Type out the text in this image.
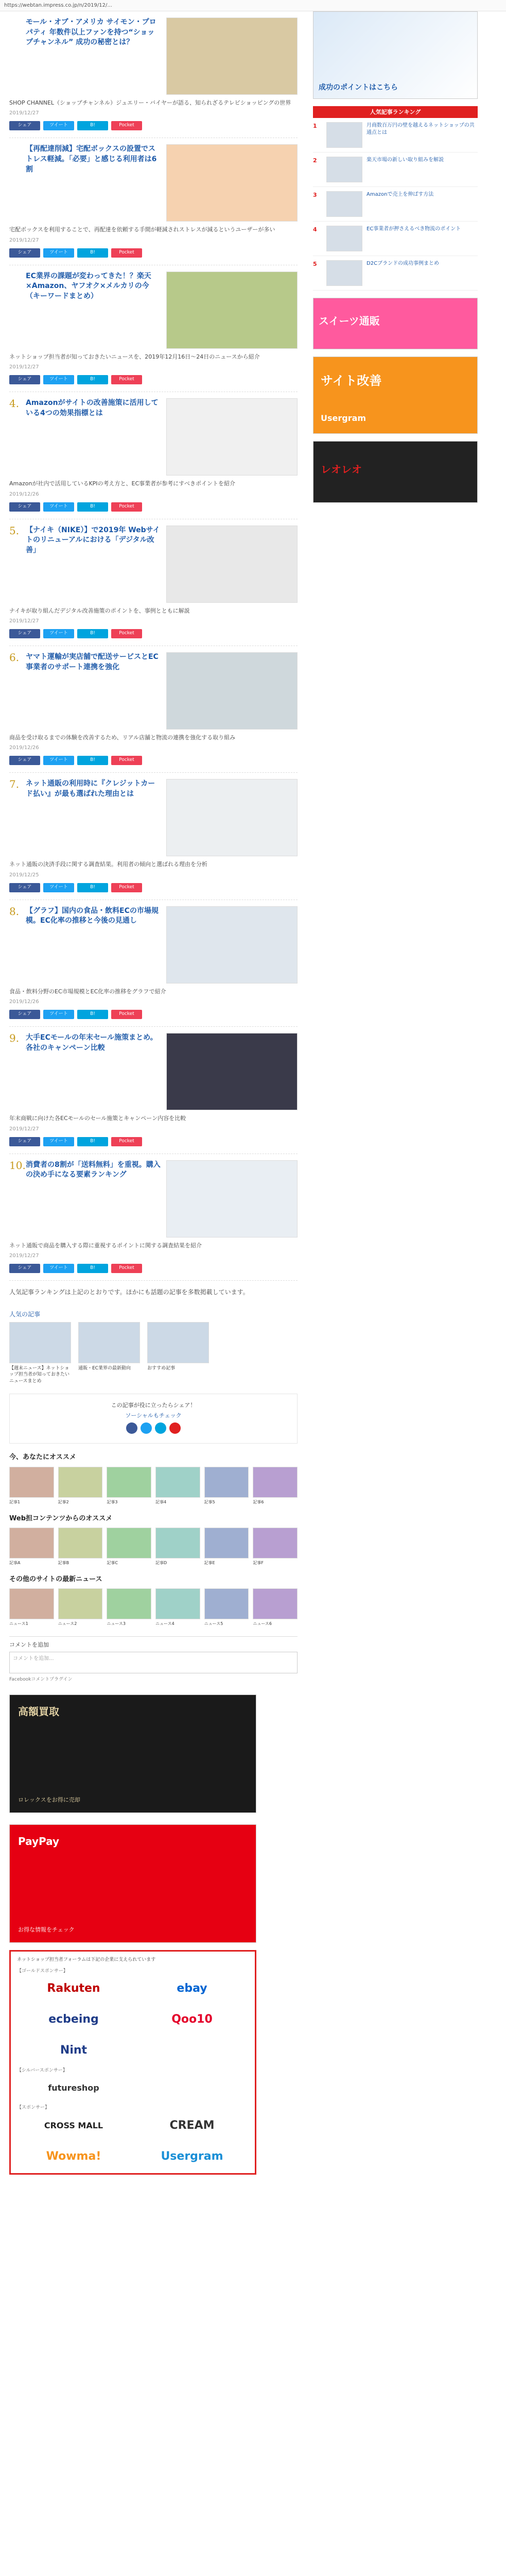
https://webtan.impress.co.jp/n/2019/12/...
モール・オブ・アメリカ サイモン・プロパティ 年数件以上ファンを持つ“ショップチャンネル” 成功の秘密とは？
SHOP CHANNEL（ショップチャンネル）ジュエリー・バイヤーが語る、知られざるテレビショッピングの世界
2019/12/27
シェア	ツイート	B!	Pocket
【再配達削減】宅配ボックスの設置でストレス軽減。「必要」と感じる利用者は6割
宅配ボックスを利用することで、再配達を依頼する手間が軽減されストレスが減るというユーザーが多い
2019/12/27
シェア	ツイート	B!	Pocket
EC業界の課題が変わってきた！？楽天×Amazon、ヤフオク×メルカリの今（キーワードまとめ）
ネットショップ担当者が知っておきたいニュースを、2019年12月16日〜24日のニュースから紹介
2019/12/27
シェア	ツイート	B!	Pocket
4. Amazonがサイトの改善施策に活用している4つの効果指標とは
Amazonが社内で活用しているKPIの考え方と、EC事業者が参考にすべきポイントを紹介
2019/12/26
シェア	ツイート	B!	Pocket
5. 【ナイキ（NIKE）】で2019年 Webサイトのリニューアルにおける「デジタル改善」
ナイキが取り組んだデジタル改善施策のポイントを、事例とともに解説
2019/12/27
シェア	ツイート	B!	Pocket
6. ヤマト運輸が実店舗で配送サービスとEC事業者のサポート連携を強化
商品を受け取るまでの体験を改善するため、リアル店舗と物流の連携を強化する取り組み
2019/12/26
シェア	ツイート	B!	Pocket
7. ネット通販の利用時に『クレジットカード払い』が最も選ばれた理由とは
ネット通販の決済手段に関する調査結果。利用者の傾向と選ばれる理由を分析
2019/12/25
シェア	ツイート	B!	Pocket
8. 【グラフ】国内の食品・飲料ECの市場規模。EC化率の推移と今後の見通し
食品・飲料分野のEC市場規模とEC化率の推移をグラフで紹介
2019/12/26
シェア	ツイート	B!	Pocket
9. 大手ECモールの年末セール施策まとめ。各社のキャンペーン比較
年末商戦に向けた各ECモールのセール施策とキャンペーン内容を比較
2019/12/27
シェア	ツイート	B!	Pocket
10. 消費者の8割が「送料無料」を重視。購入の決め手になる要素ランキング
ネット通販で商品を購入する際に重視するポイントに関する調査結果を紹介
2019/12/27
シェア	ツイート	B!	Pocket
人気記事ランキングは上記のとおりです。ほかにも話題の記事を多数掲載しています。
人気の記事

【週末ニュース】ネットショップ担当者が知っておきたいニュースまとめ

通販・EC業界の最新動向	おすすめ記事

この記事が役に立ったらシェア！
ソーシャルもチェック
今、あなたにオススメ

記事1	記事2	記事3	記事4	記事5	記事6

Web担コンテンツからのオススメ

記事A	記事B	記事C	記事D	記事E	記事F

その他のサイトの最新ニュース

ニュース1	ニュース2	ニュース3	ニュース4	ニュース5	ニュース6

コメントを追加
コメントを追加...
Facebookコメントプラグイン
高額買取
ロレックスをお得に売却
PayPay
お得な情報をチェック
ネットショップ担当者フォーラムは下記の企業に支えられています
【ゴールドスポンサー】
Rakuten	ebay
ecbeing	Qoo10
Nint
【シルバースポンサー】
futureshop
【スポンサー】
CROSS MALL	CREAM
Wowma!	Usergram
成功のポイントはこちら
人気記事ランキング
1	月商数百万円の壁を越えるネットショップの共通点とは
2	楽天市場の新しい取り組みを解説
3	Amazonで売上を伸ばす方法
4	EC事業者が押さえるべき物流のポイント
5	D2Cブランドの成功事例まとめ
スイーツ通販
サイト改善
Usergram
レオレオ
